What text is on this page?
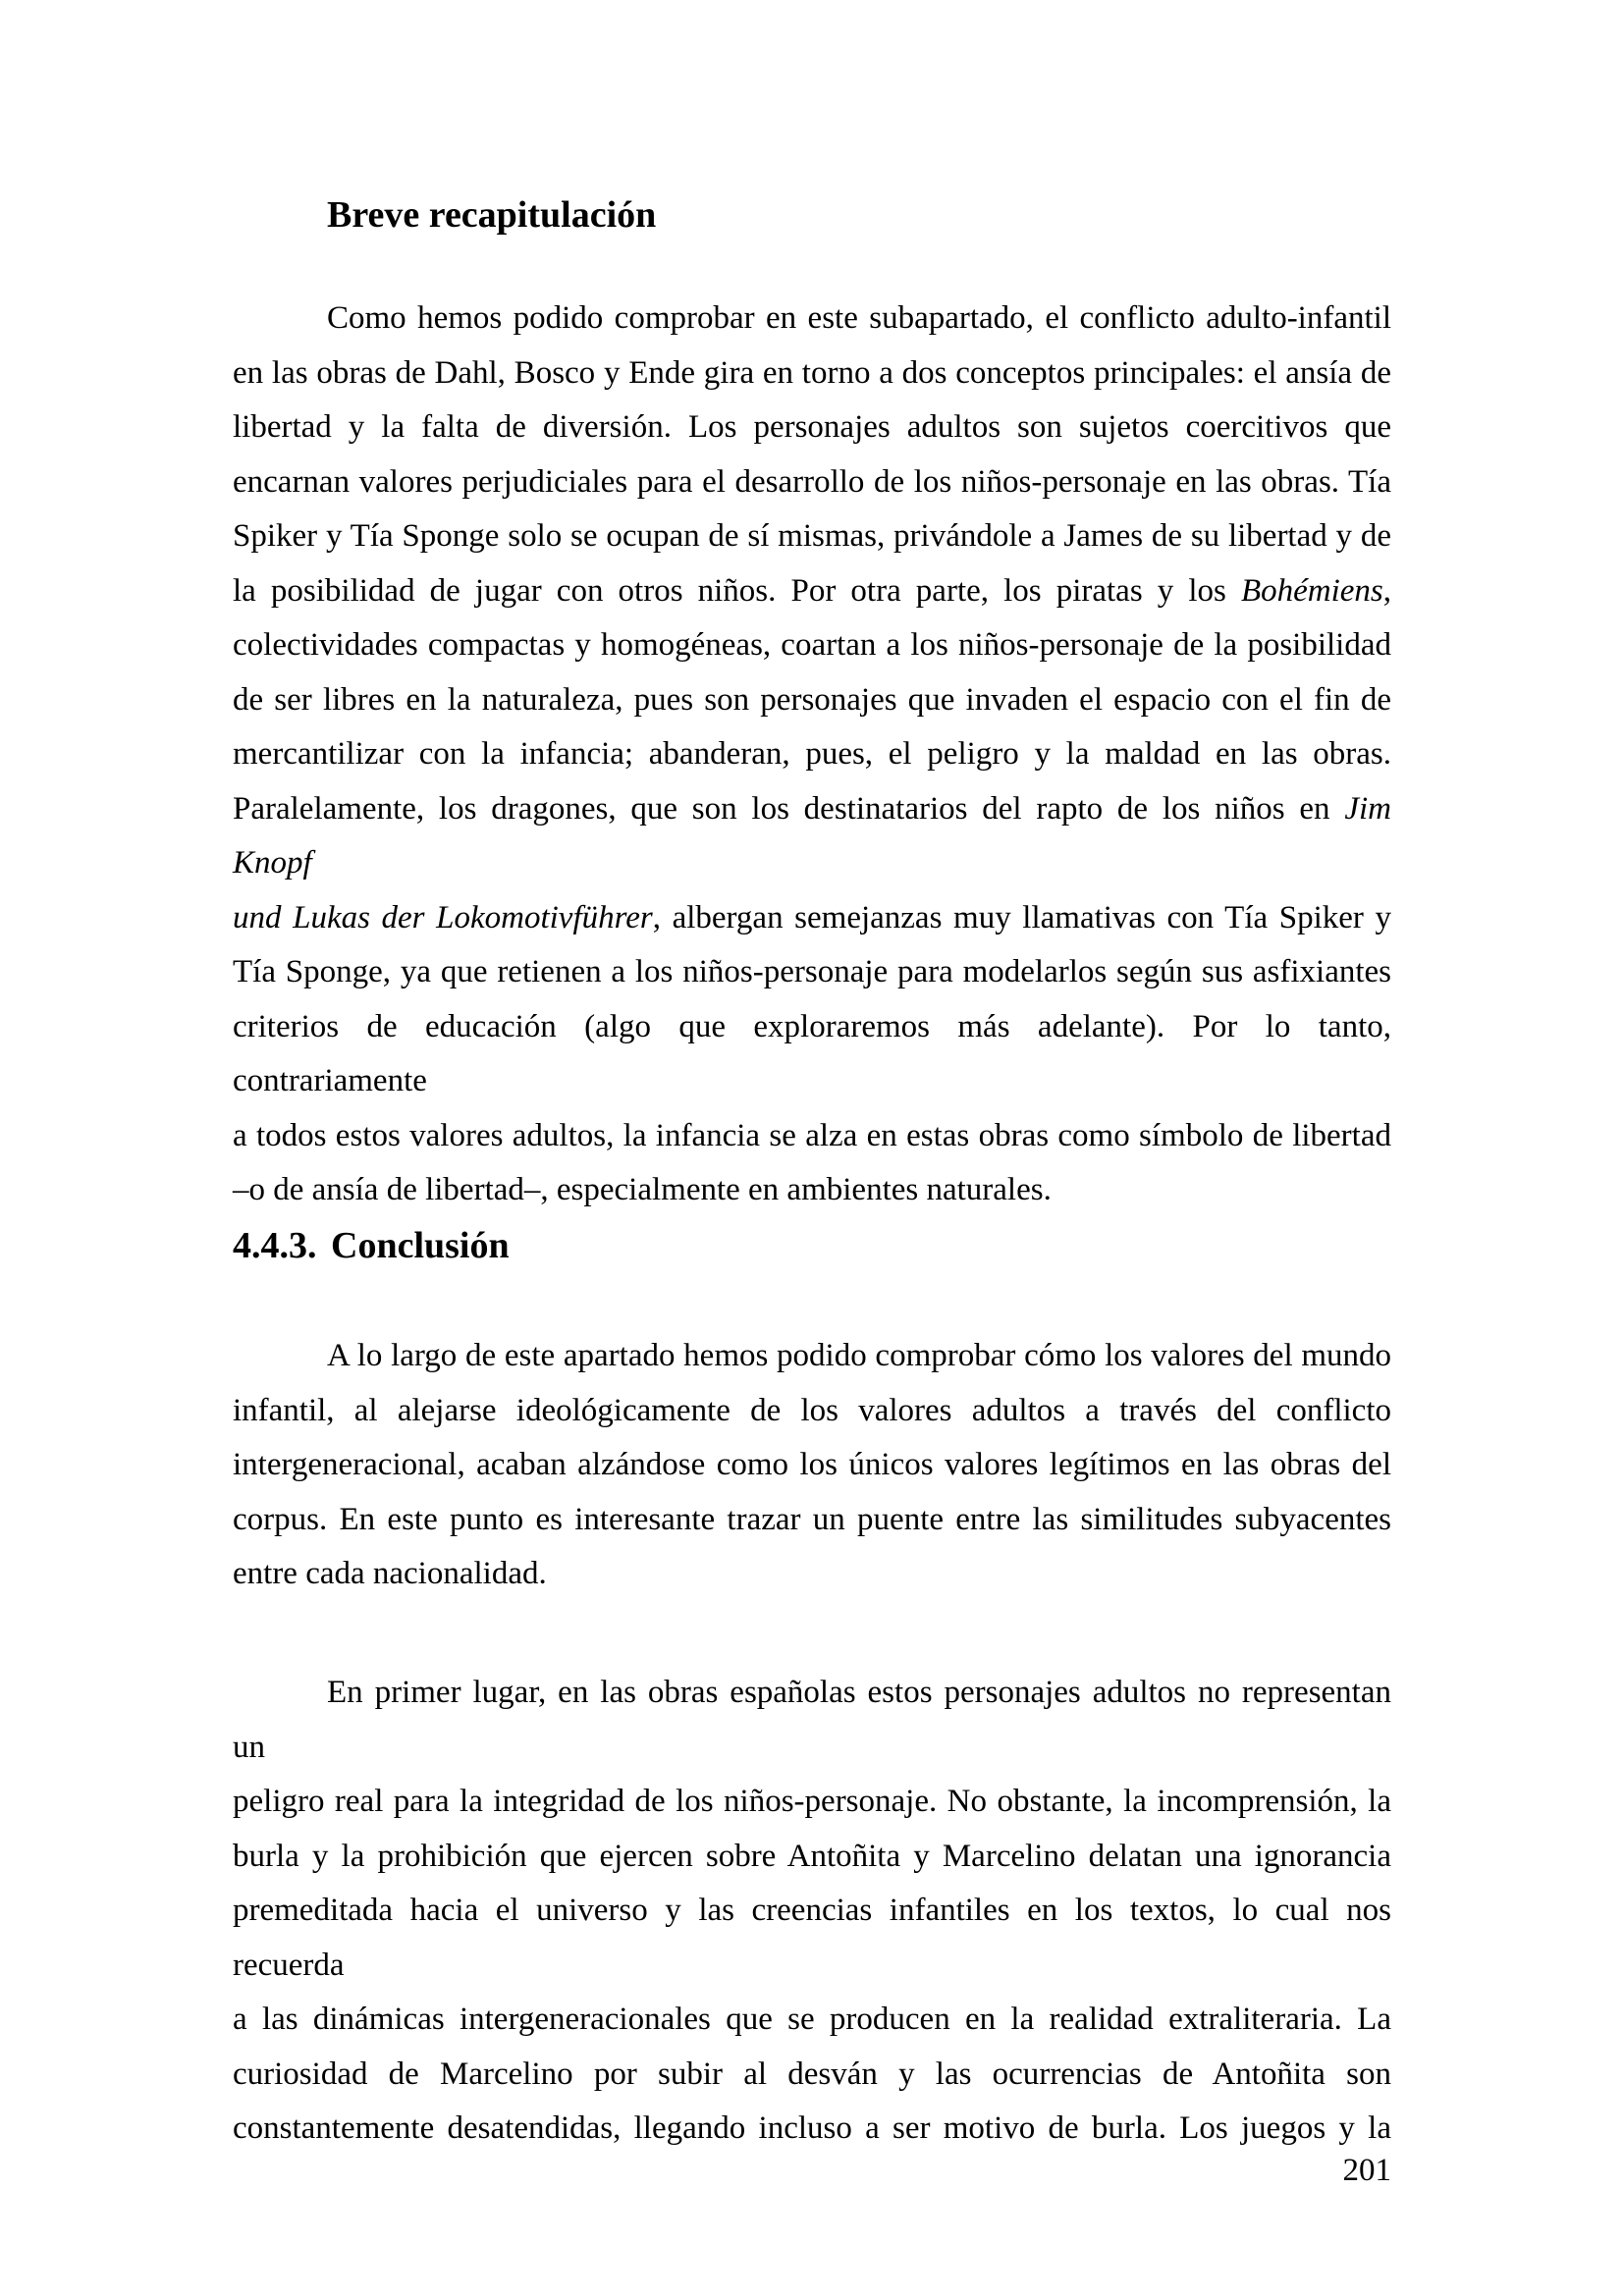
Breve recapitulación
Como hemos podido comprobar en este subapartado, el conflicto adulto-infantil
en las obras de Dahl, Bosco y Ende gira en torno a dos conceptos principales: el ansía de
libertad y la falta de diversión. Los personajes adultos son sujetos coercitivos que
encarnan valores perjudiciales para el desarrollo de los niños-personaje en las obras. Tía
Spiker y Tía Sponge solo se ocupan de sí mismas, privándole a James de su libertad y de
la posibilidad de jugar con otros niños. Por otra parte, los piratas y los Bohémiens,
colectividades compactas y homogéneas, coartan a los niños-personaje de la posibilidad
de ser libres en la naturaleza, pues son personajes que invaden el espacio con el fin de
mercantilizar con la infancia; abanderan, pues, el peligro y la maldad en las obras.
Paralelamente, los dragones, que son los destinatarios del rapto de los niños en Jim Knopf
und Lukas der Lokomotivführer, albergan semejanzas muy llamativas con Tía Spiker y
Tía Sponge, ya que retienen a los niños-personaje para modelarlos según sus asfixiantes
criterios de educación (algo que exploraremos más adelante). Por lo tanto, contrariamente
a todos estos valores adultos, la infancia se alza en estas obras como símbolo de libertad
–o de ansía de libertad–, especialmente en ambientes naturales.
4.4.3. Conclusión
A lo largo de este apartado hemos podido comprobar cómo los valores del mundo
infantil, al alejarse ideológicamente de los valores adultos a través del conflicto
intergeneracional, acaban alzándose como los únicos valores legítimos en las obras del
corpus. En este punto es interesante trazar un puente entre las similitudes subyacentes
entre cada nacionalidad.
En primer lugar, en las obras españolas estos personajes adultos no representan un
peligro real para la integridad de los niños-personaje. No obstante, la incomprensión, la
burla y la prohibición que ejercen sobre Antoñita y Marcelino delatan una ignorancia
premeditada hacia el universo y las creencias infantiles en los textos, lo cual nos recuerda
a las dinámicas intergeneracionales que se producen en la realidad extraliteraria. La
curiosidad de Marcelino por subir al desván y las ocurrencias de Antoñita son
constantemente desatendidas, llegando incluso a ser motivo de burla. Los juegos y la
201
